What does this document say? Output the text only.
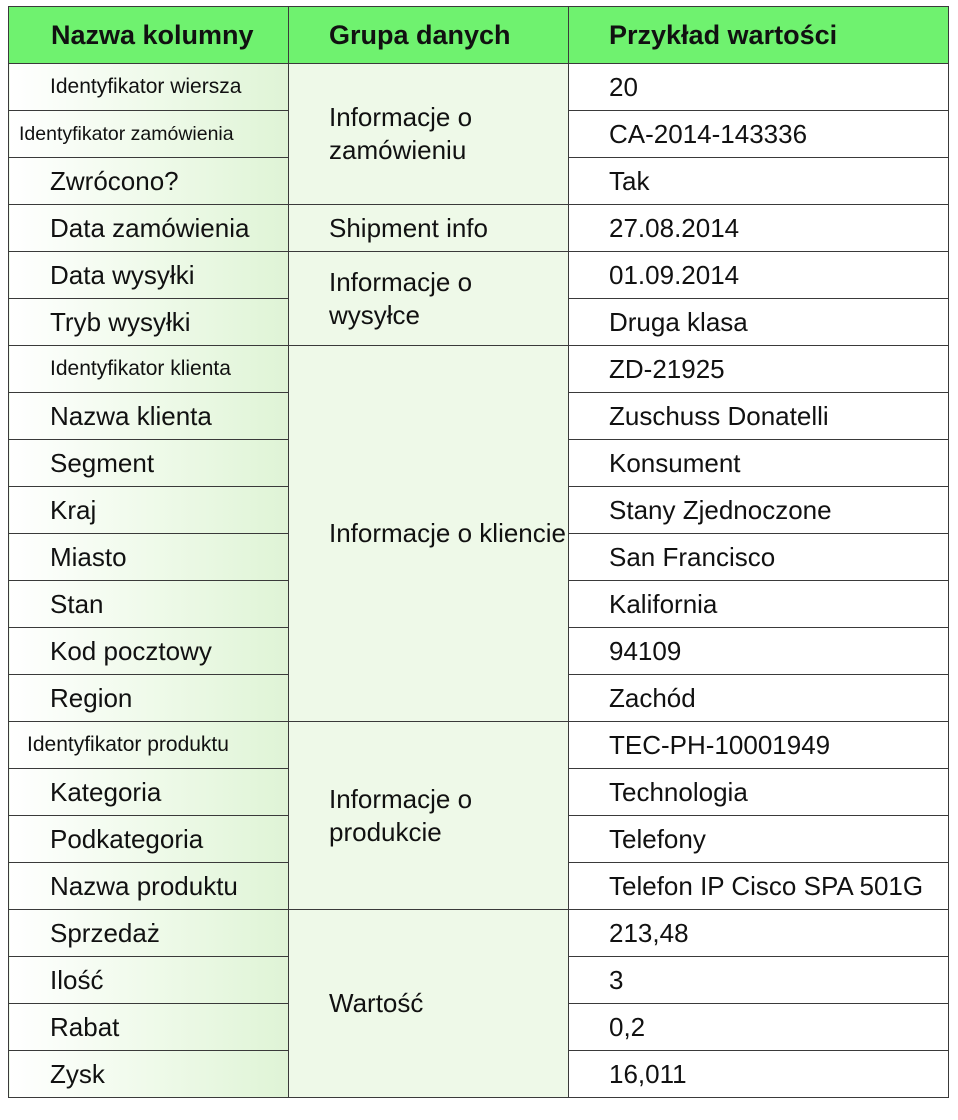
Nazwa kolumny	Grupa danych	Przykład wartości
Identyfikator wiersza	Informacje o zamówieniu	20
Identyfikator zamówienia		CA-2014-143336
Zwrócono?		Tak
Data zamówienia	Shipment info	27.08.2014
Data wysyłki	Informacje o wysyłce	01.09.2014
Tryb wysyłki		Druga klasa
Identyfikator klienta	Informacje o kliencie	ZD-21925
Nazwa klienta		Zuschuss Donatelli
Segment		Konsument
Kraj		Stany Zjednoczone
Miasto		San Francisco
Stan		Kalifornia
Kod pocztowy		94109
Region		Zachód
Identyfikator produktu	Informacje o produkcie	TEC-PH-10001949
Kategoria		Technologia
Podkategoria		Telefony
Nazwa produktu		Telefon IP Cisco SPA 501G
Sprzedaż	Wartość	213,48
Ilość		3
Rabat		0,2
Zysk		16,011
